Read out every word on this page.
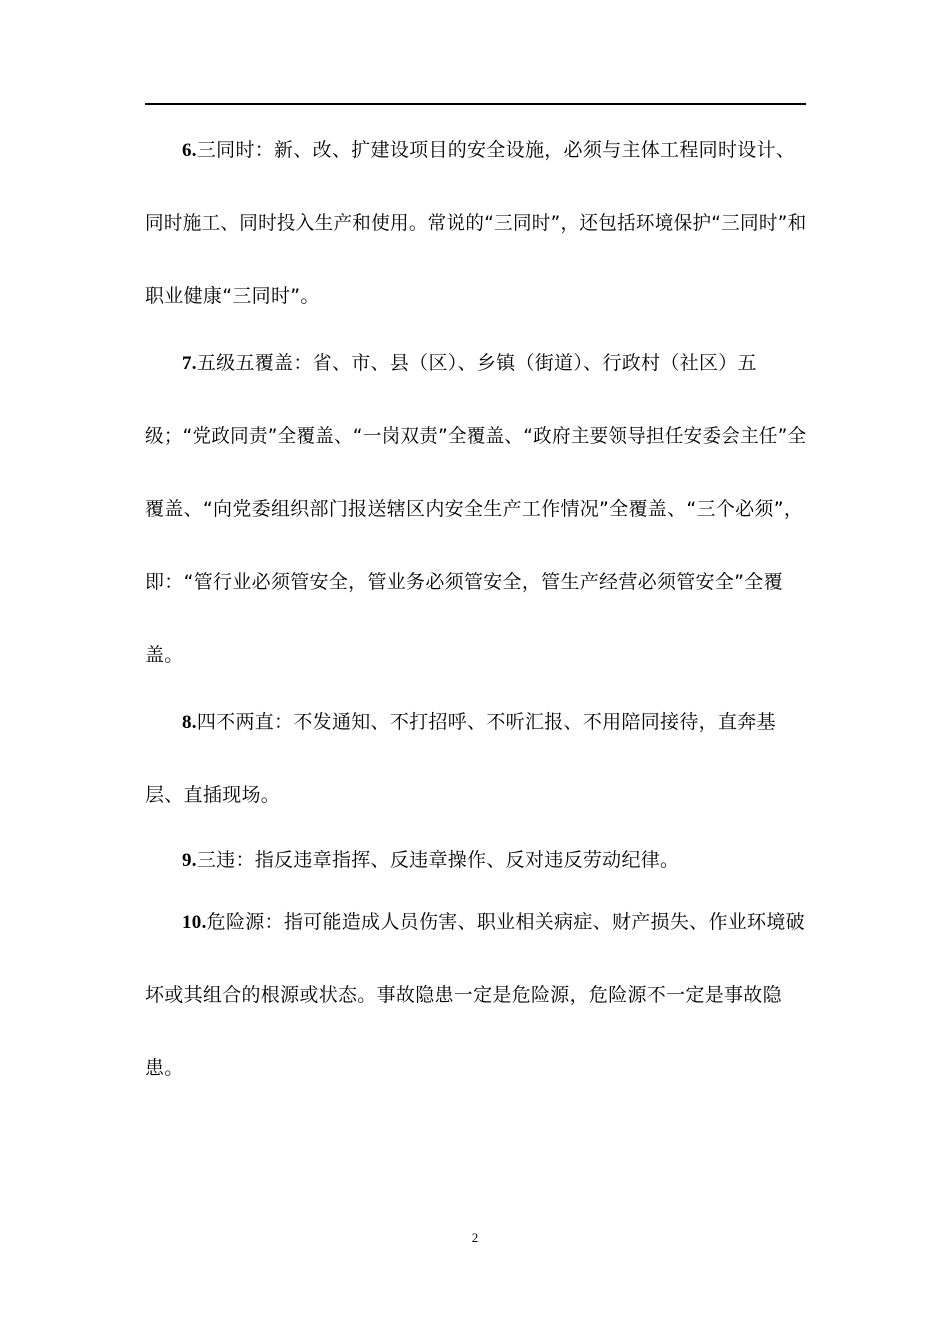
6.三同时：新、改、扩建设项目的安全设施，必须与主体工程同时设计、
同时施工、同时投入生产和使用。常说的“三同时”，还包括环境保护“三同时”和
职业健康“三同时”。
7.五级五覆盖：省、市、县（区）、乡镇（街道）、行政村（社区）五
级；“党政同责”全覆盖、“一岗双责”全覆盖、“政府主要领导担任安委会主任”全
覆盖、“向党委组织部门报送辖区内安全生产工作情况”全覆盖、“三个必须”，
即：“管行业必须管安全，管业务必须管安全，管生产经营必须管安全”全覆
盖。
8.四不两直：不发通知、不打招呼、不听汇报、不用陪同接待，直奔基
层、直插现场。
9.三违：指反违章指挥、反违章操作、反对违反劳动纪律。
10.危险源：指可能造成人员伤害、职业相关病症、财产损失、作业环境破
坏或其组合的根源或状态。事故隐患一定是危险源，危险源不一定是事故隐
患。
2
